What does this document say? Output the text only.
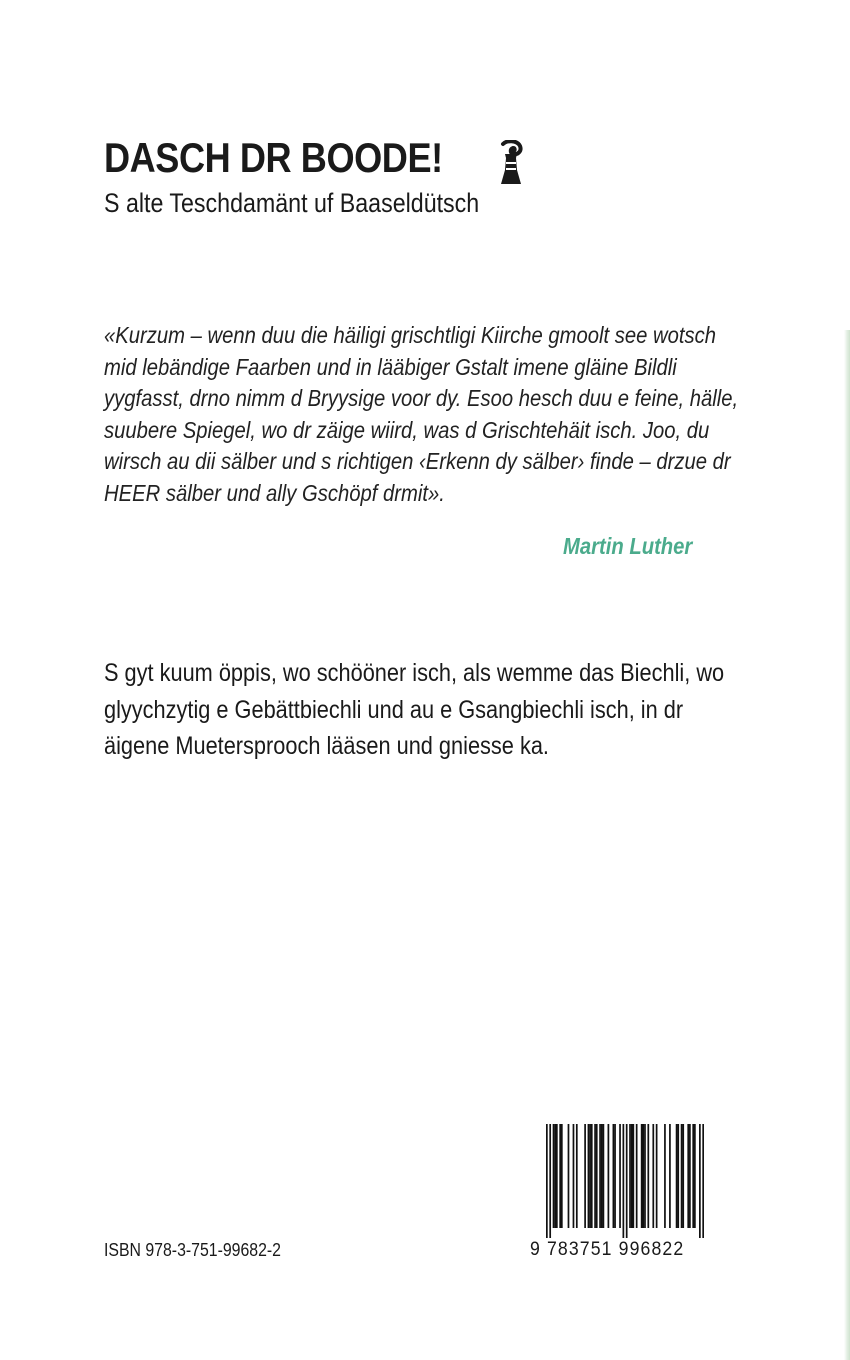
DASCH DR BOODE!
S alte Teschdamänt uf Baaseldütsch
«Kurzum – wenn duu die häiligi grischtligi Kiirche gmoolt see wotsch
mid lebändige Faarben und in lääbiger Gstalt imene gläine Bildli
yygfasst, drno nimm d Bryysige voor dy. Esoo hesch duu e feine, hälle,
suubere Spiegel, wo dr zäige wiird, was d Grischtehäit isch. Joo, du
wirsch au dii sälber und s richtigen ‹Erkenn dy sälber› finde – drzue dr
HEER sälber und ally Gschöpf drmit».
Martin Luther
S gyt kuum öppis, wo schööner isch, als wemme das Biechli, wo
glyychzytig e Gebättbiechli und au e Gsangbiechli isch, in dr
äigene Muetersprooch lääsen und gniesse ka.
ISBN 978-3-751-99682-2	9 783751 996822
